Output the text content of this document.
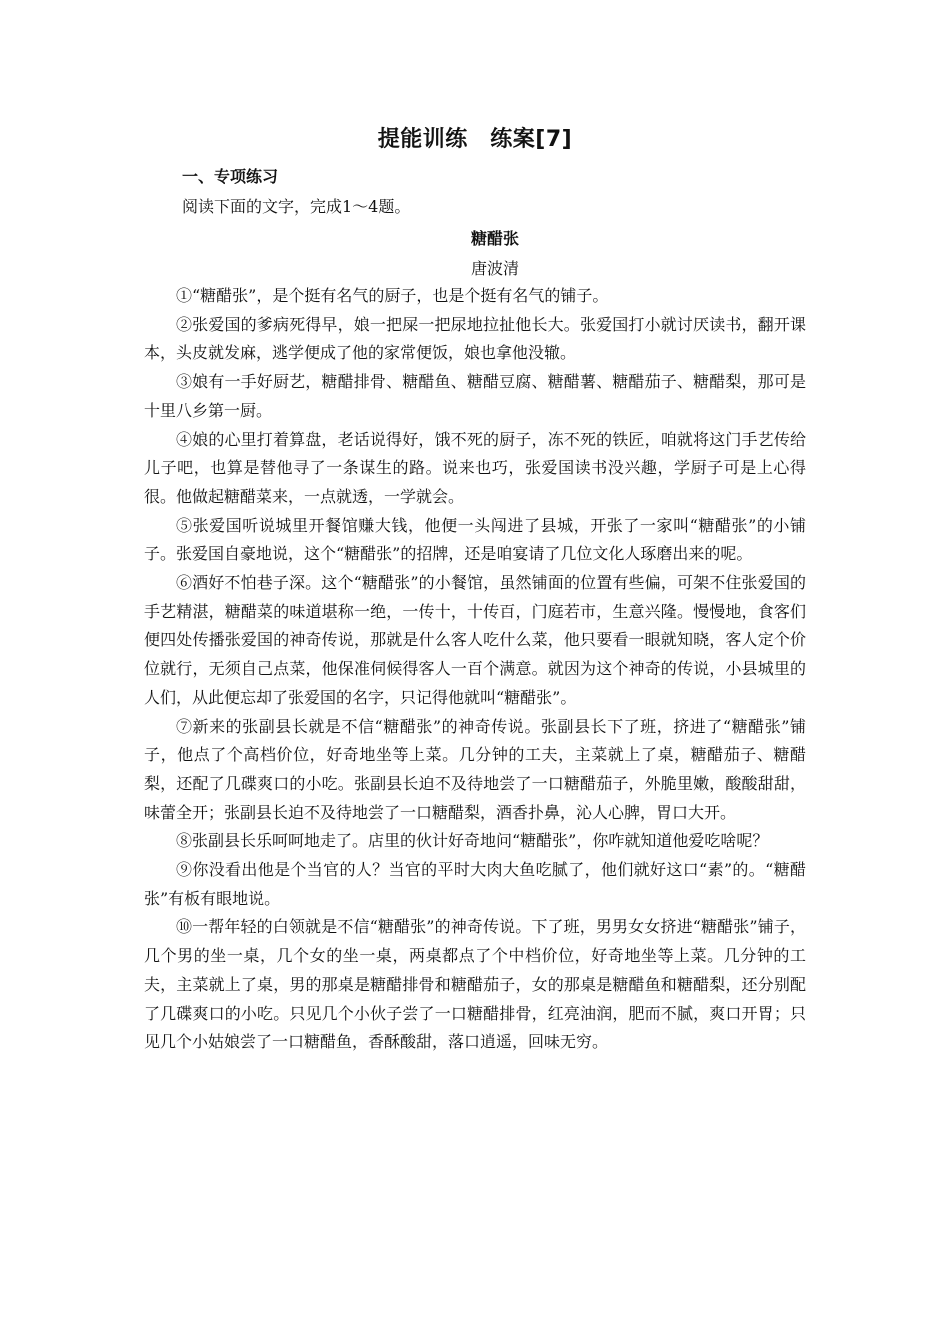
提能训练　练案[7]
一、专项练习
阅读下面的文字，完成1～4题。
糖醋张
唐波清

①“糖醋张”，是个挺有名气的厨子，也是个挺有名气的铺子。

②张爱国的爹病死得早，娘一把屎一把尿地拉扯他长大。张爱国打小就讨厌读书，翻开课本，头皮就发麻，逃学便成了他的家常便饭，娘也拿他没辙。

③娘有一手好厨艺，糖醋排骨、糖醋鱼、糖醋豆腐、糖醋薯、糖醋茄子、糖醋梨，那可是十里八乡第一厨。

④娘的心里打着算盘，老话说得好，饿不死的厨子，冻不死的铁匠，咱就将这门手艺传给儿子吧，也算是替他寻了一条谋生的路。说来也巧，张爱国读书没兴趣，学厨子可是上心得很。他做起糖醋菜来，一点就透，一学就会。

⑤张爱国听说城里开餐馆赚大钱，他便一头闯进了县城，开张了一家叫“糖醋张”的小铺子。张爱国自豪地说，这个“糖醋张”的招牌，还是咱宴请了几位文化人琢磨出来的呢。

⑥酒好不怕巷子深。这个“糖醋张”的小餐馆，虽然铺面的位置有些偏，可架不住张爱国的手艺精湛，糖醋菜的味道堪称一绝，一传十，十传百，门庭若市，生意兴隆。慢慢地，食客们便四处传播张爱国的神奇传说，那就是什么客人吃什么菜，他只要看一眼就知晓，客人定个价位就行，无须自己点菜，他保准伺候得客人一百个满意。就因为这个神奇的传说，小县城里的人们，从此便忘却了张爱国的名字，只记得他就叫“糖醋张”。

⑦新来的张副县长就是不信“糖醋张”的神奇传说。张副县长下了班，挤进了“糖醋张”铺子，他点了个高档价位，好奇地坐等上菜。几分钟的工夫，主菜就上了桌，糖醋茄子、糖醋梨，还配了几碟爽口的小吃。张副县长迫不及待地尝了一口糖醋茄子，外脆里嫩，酸酸甜甜，味蕾全开；张副县长迫不及待地尝了一口糖醋梨，酒香扑鼻，沁人心脾，胃口大开。

⑧张副县长乐呵呵地走了。店里的伙计好奇地问“糖醋张”，你咋就知道他爱吃啥呢？

⑨你没看出他是个当官的人？当官的平时大肉大鱼吃腻了，他们就好这口“素”的。“糖醋张”有板有眼地说。

⑩一帮年轻的白领就是不信“糖醋张”的神奇传说。下了班，男男女女挤进“糖醋张”铺子，几个男的坐一桌，几个女的坐一桌，两桌都点了个中档价位，好奇地坐等上菜。几分钟的工夫，主菜就上了桌，男的那桌是糖醋排骨和糖醋茄子，女的那桌是糖醋鱼和糖醋梨，还分别配了几碟爽口的小吃。只见几个小伙子尝了一口糖醋排骨，红亮油润，肥而不腻，爽口开胃；只见几个小姑娘尝了一口糖醋鱼，香酥酸甜，落口逍遥，回味无穷。
